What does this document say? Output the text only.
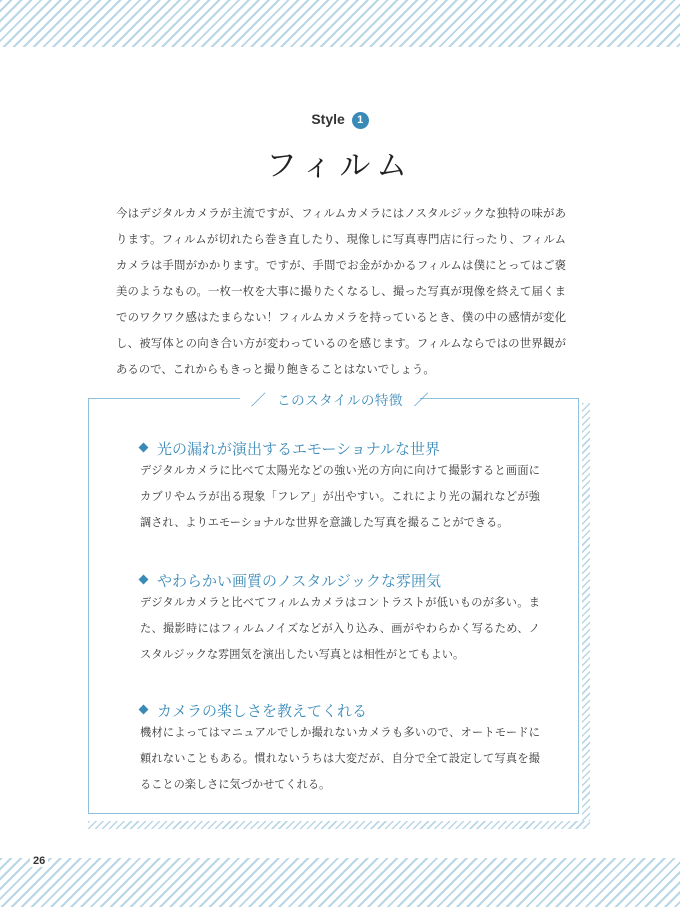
Style 1
フィルム

今はデジタルカメラが主流ですが、フィルムカメラにはノスタルジックな独特の味があります。フィルムが切れたら巻き直したり、現像しに写真専門店に行ったり、フィルムカメラは手間がかかります。ですが、手間でお金がかかるフィルムは僕にとってはご褒美のようなもの。一枚一枚を大事に撮りたくなるし、撮った写真が現像を終えて届くまでのワクワク感はたまらない！フィルムカメラを持っているとき、僕の中の感情が変化し、被写体との向き合い方が変わっているのを感じます。フィルムならではの世界観があるので、これからもきっと撮り飽きることはないでしょう。

／ このスタイルの特徴 ／
光の漏れが演出するエモーショナルな世界

デジタルカメラに比べて太陽光などの強い光の方向に向けて撮影すると画面にカブリやムラが出る現象「フレア」が出やすい。これにより光の漏れなどが強調され、よりエモーショナルな世界を意識した写真を撮ることができる。

やわらかい画質のノスタルジックな雰囲気

デジタルカメラと比べてフィルムカメラはコントラストが低いものが多い。また、撮影時にはフィルムノイズなどが入り込み、画がやわらかく写るため、ノスタルジックな雰囲気を演出したい写真とは相性がとてもよい。

カメラの楽しさを教えてくれる

機材によってはマニュアルでしか撮れないカメラも多いので、オートモードに頼れないこともある。慣れないうちは大変だが、自分で全て設定して写真を撮ることの楽しさに気づかせてくれる。

26
